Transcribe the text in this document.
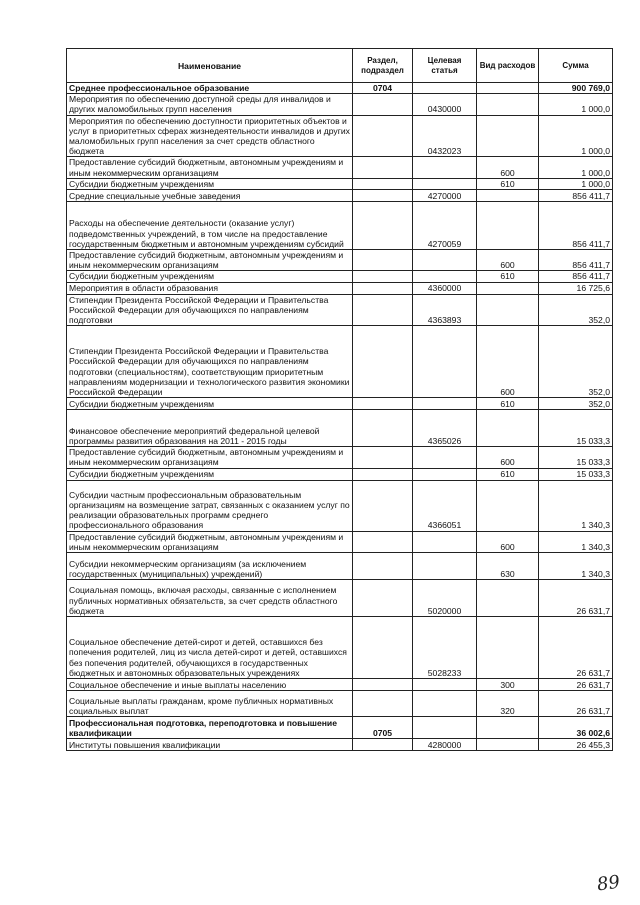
Наименование	Раздел, подраздел	Целевая статья	Вид расходов	Сумма
Среднее профессиональное образование	0704			900 769,0
Мероприятия по обеспечению доступной среды для инвалидов и других маломобильных групп населения		0430000		1 000,0
Мероприятия по обеспечению доступности приоритетных объектов и услуг в приоритетных сферах жизнедеятельности инвалидов и других маломобильных групп населения за счет средств областного бюджета		0432023		1 000,0
Предоставление субсидий бюджетным, автономным учреждениям и иным некоммерческим организациям			600	1 000,0
Субсидии бюджетным учреждениям			610	1 000,0
Средние специальные учебные заведения		4270000		856 411,7
Расходы на обеспечение деятельности (оказание услуг) подведомственных учреждений, в том числе на предоставление государственным бюджетным и автономным учреждениям субсидий		4270059		856 411,7
Предоставление субсидий бюджетным, автономным учреждениям и иным некоммерческим организациям			600	856 411,7
Субсидии бюджетным учреждениям			610	856 411,7
Мероприятия в области образования		4360000		16 725,6
Стипендии Президента Российской Федерации и Правительства Российской Федерации для обучающихся по направлениям подготовки		4363893		352,0
Стипендии Президента Российской Федерации и Правительства Российской Федерации для обучающихся по направлениям подготовки (специальностям), соответствующим приоритетным направлениям модернизации и технологического развития экономики Российской Федерации			600	352,0
Субсидии бюджетным учреждениям			610	352,0
Финансовое обеспечение мероприятий федеральной целевой программы развития образования на 2011 - 2015 годы		4365026		15 033,3
Предоставление субсидий бюджетным, автономным учреждениям и иным некоммерческим организациям			600	15 033,3
Субсидии бюджетным учреждениям			610	15 033,3
Субсидии частным профессиональным образовательным организациям на возмещение затрат, связанных с оказанием услуг по реализации образовательных программ среднего профессионального образования		4366051		1 340,3
Предоставление субсидий бюджетным, автономным учреждениям и иным некоммерческим организациям			600	1 340,3
Субсидии некоммерческим организациям (за исключением государственных (муниципальных) учреждений)			630	1 340,3
Социальная помощь, включая расходы, связанные с исполнением публичных нормативных обязательств, за счет средств областного бюджета		5020000		26 631,7
Социальное обеспечение детей-сирот и детей, оставшихся без попечения родителей, лиц из числа детей-сирот и детей, оставшихся без попечения родителей, обучающихся в государственных бюджетных и автономных образовательных учреждениях		5028233		26 631,7
Социальное обеспечение и иные выплаты населению			300	26 631,7
Социальные выплаты гражданам, кроме публичных нормативных социальных выплат			320	26 631,7
Профессиональная подготовка, переподготовка и повышение квалификации	0705			36 002,6
Институты повышения квалификации		4280000		26 455,3
89
